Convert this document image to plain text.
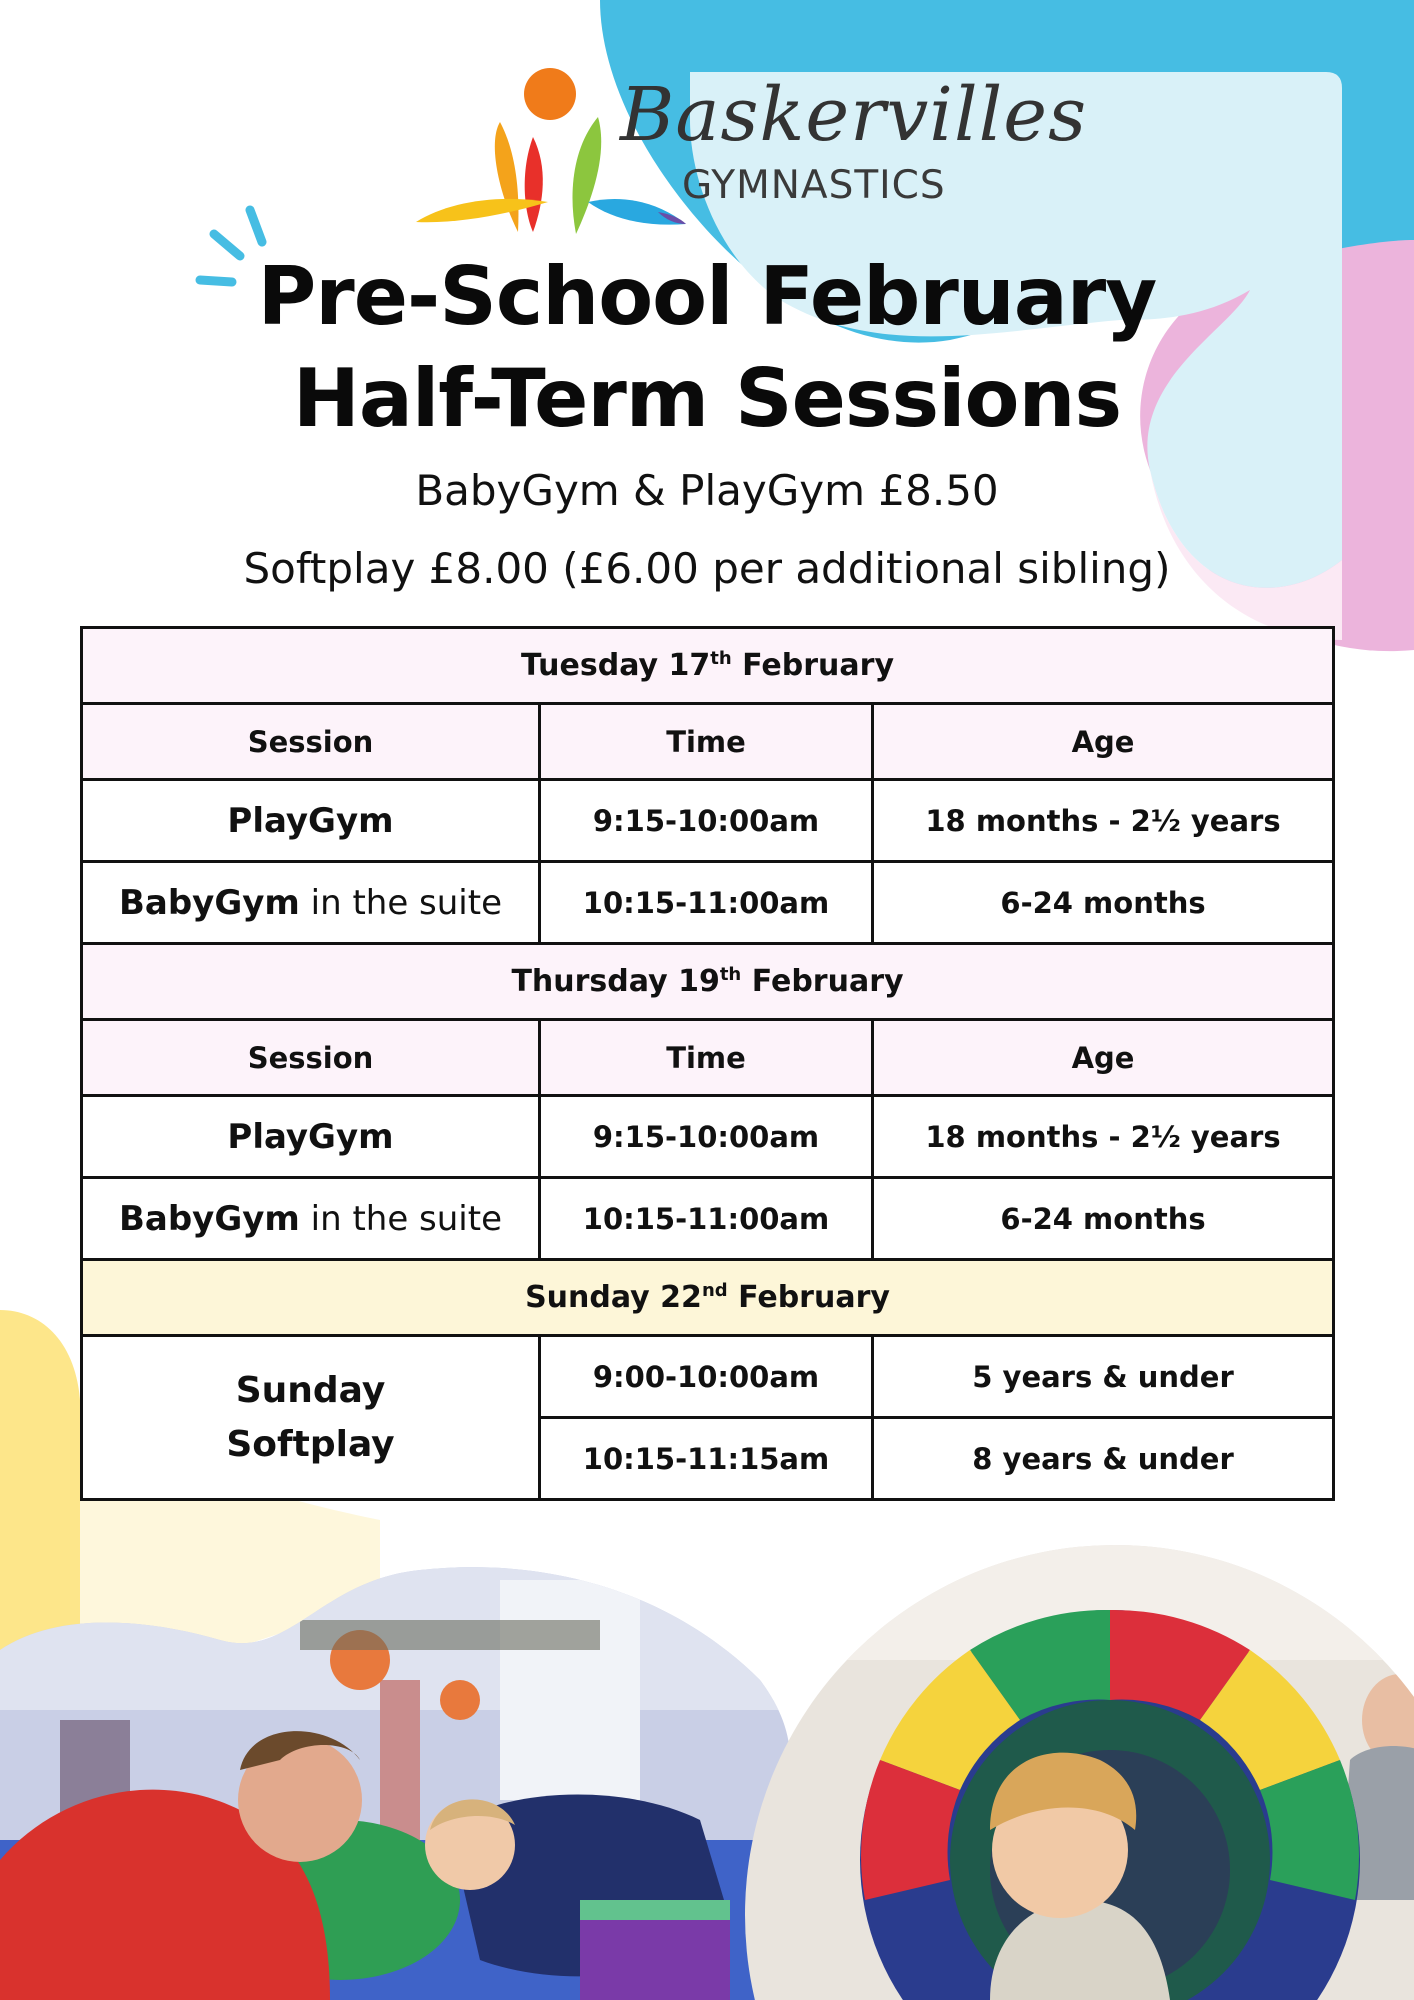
Baskervilles
GYMNASTICS
Pre-School February
Half-Term Sessions
BabyGym & PlayGym £8.50
Softplay £8.00 (£6.00 per additional sibling)
Tuesday 17th February		
Session	Time	Age
PlayGym	9:15-10:00am	18 months - 2½ years
BabyGym in the suite	10:15-11:00am	6-24 months
Thursday 19th February		
Session	Time	Age
PlayGym	9:15-10:00am	18 months - 2½ years
BabyGym in the suite	10:15-11:00am	6-24 months
Sunday 22nd February		

Sunday
Softplay	9:00-10:00am	5 years & under
	10:15-11:15am	8 years & under
